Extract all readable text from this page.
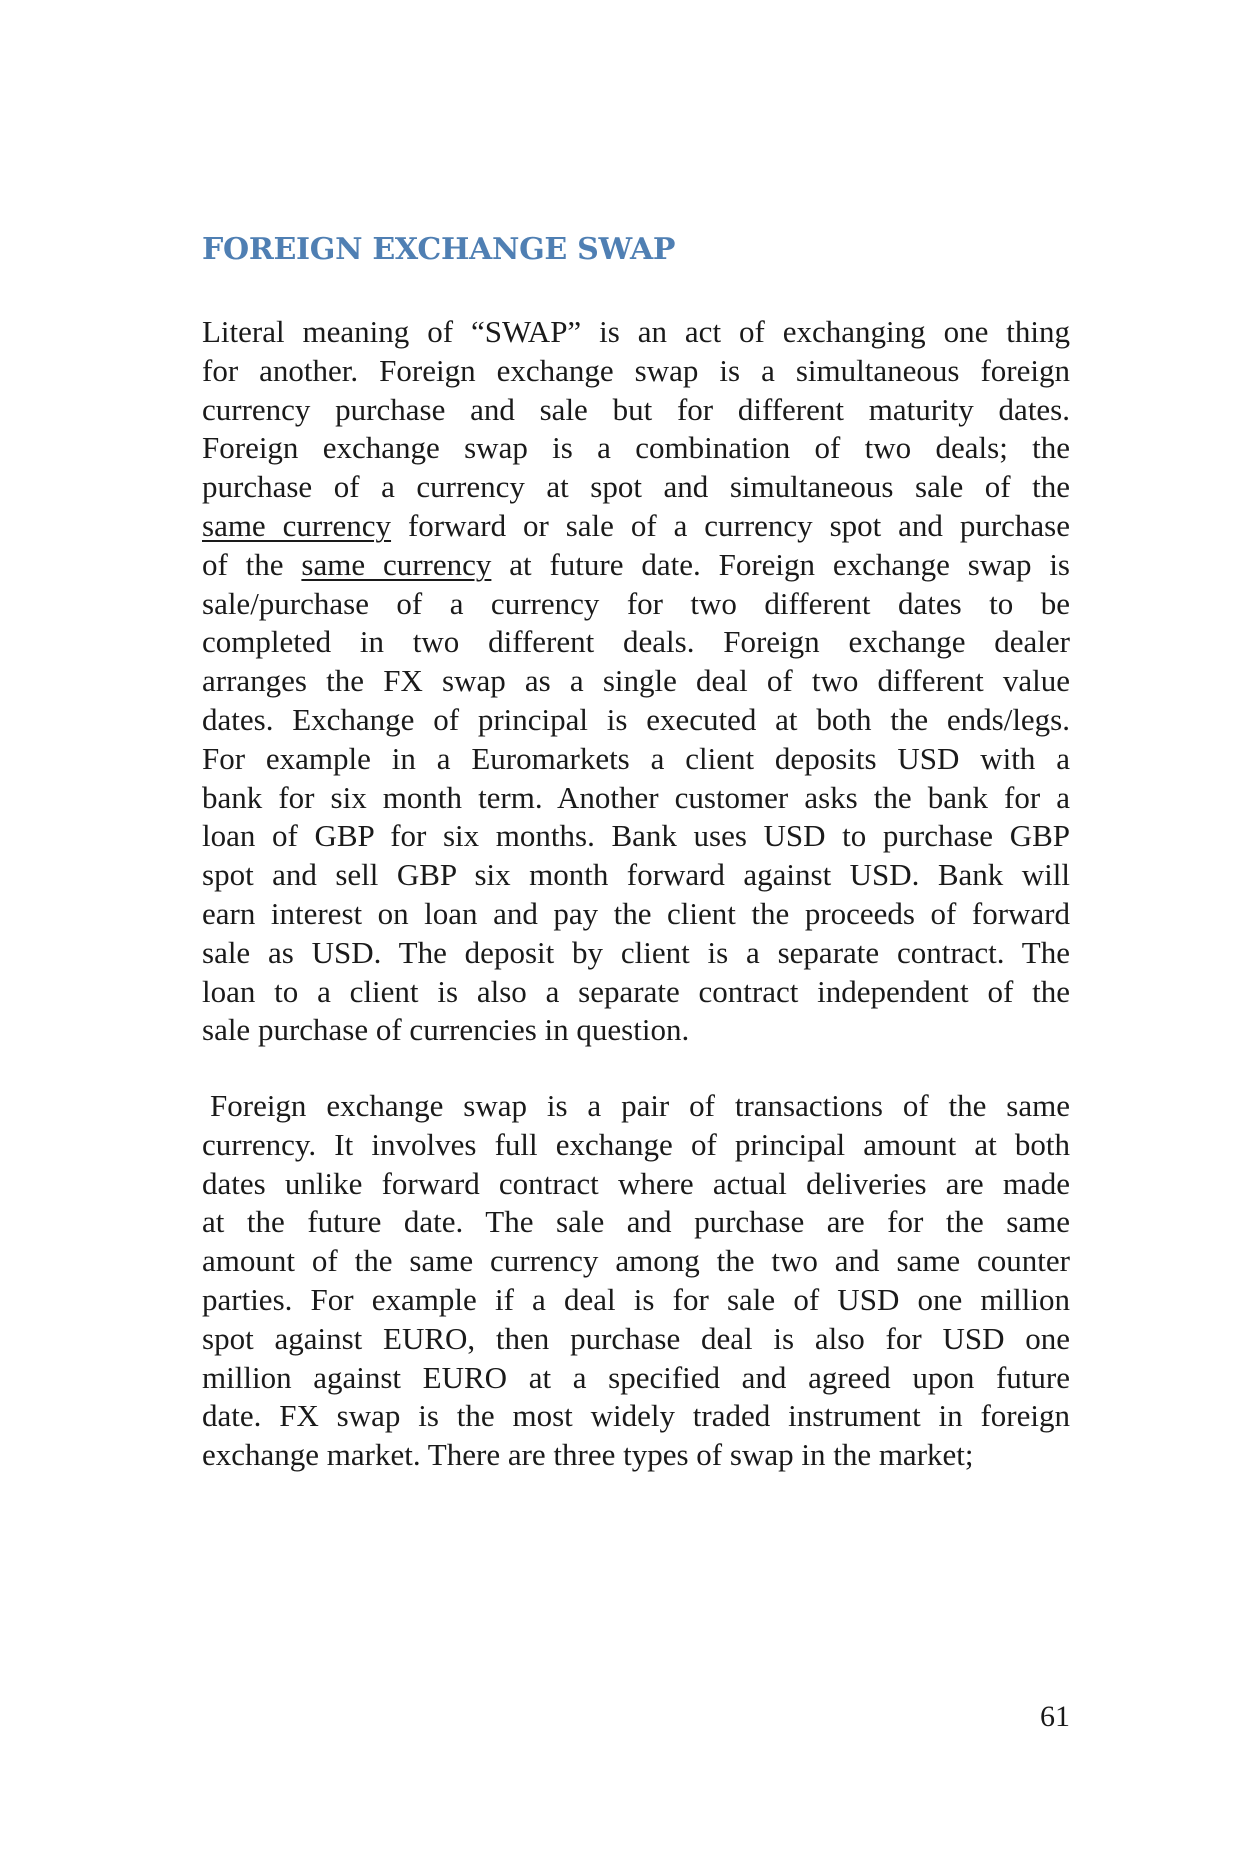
FOREIGN EXCHANGE SWAP
Literal meaning of “SWAP” is an act of exchanging one thing
for another. Foreign exchange swap is a simultaneous foreign
currency purchase and sale but for different maturity dates.
Foreign exchange swap is a combination of two deals; the
purchase of a currency at spot and simultaneous sale of the
same currency forward or sale of a currency spot and purchase
of the same currency at future date. Foreign exchange swap is
sale/purchase of a currency for two different dates to be
completed in two different deals. Foreign exchange dealer
arranges the FX swap as a single deal of two different value
dates. Exchange of principal is executed at both the ends/legs.
For example in a Euromarkets a client deposits USD with a
bank for six month term. Another customer asks the bank for a
loan of GBP for six months. Bank uses USD to purchase GBP
spot and sell GBP six month forward against USD. Bank will
earn interest on loan and pay the client the proceeds of forward
sale as USD. The deposit by client is a separate contract. The
loan to a client is also a separate contract independent of the
sale purchase of currencies in question.
Foreign exchange swap is a pair of transactions of the same
currency. It involves full exchange of principal amount at both
dates unlike forward contract where actual deliveries are made
at the future date. The sale and purchase are for the same
amount of the same currency among the two and same counter
parties. For example if a deal is for sale of USD one million
spot against EURO, then purchase deal is also for USD one
million against EURO at a specified and agreed upon future
date. FX swap is the most widely traded instrument in foreign
exchange market. There are three types of swap in the market;
61
